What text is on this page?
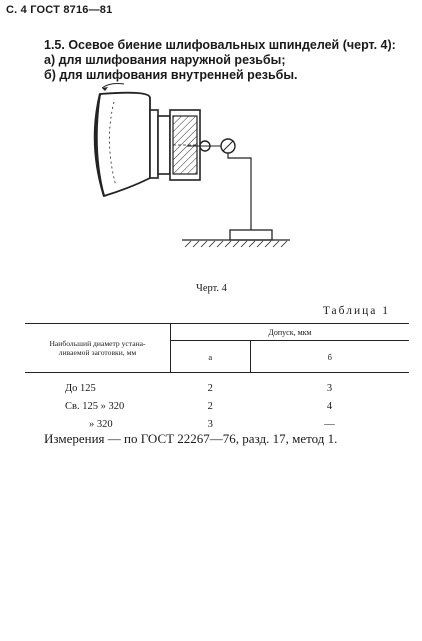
С. 4 ГОСТ 8716—81
1.5. Осевое биение шлифовальных шпинделей (черт. 4):
а) для шлифования наружной резьбы;
б) для шлифования внутренней резьбы.
Черт. 4
Таблица 1
Наибольший диаметр устана-
ливаемой заготовки, мм	Допуск, мкм	
	а	б
До 125	2	3
Св. 125 » 320	2	4
» 320	3	—
Измерения — по ГОСТ 22267—76, разд. 17, метод 1.
